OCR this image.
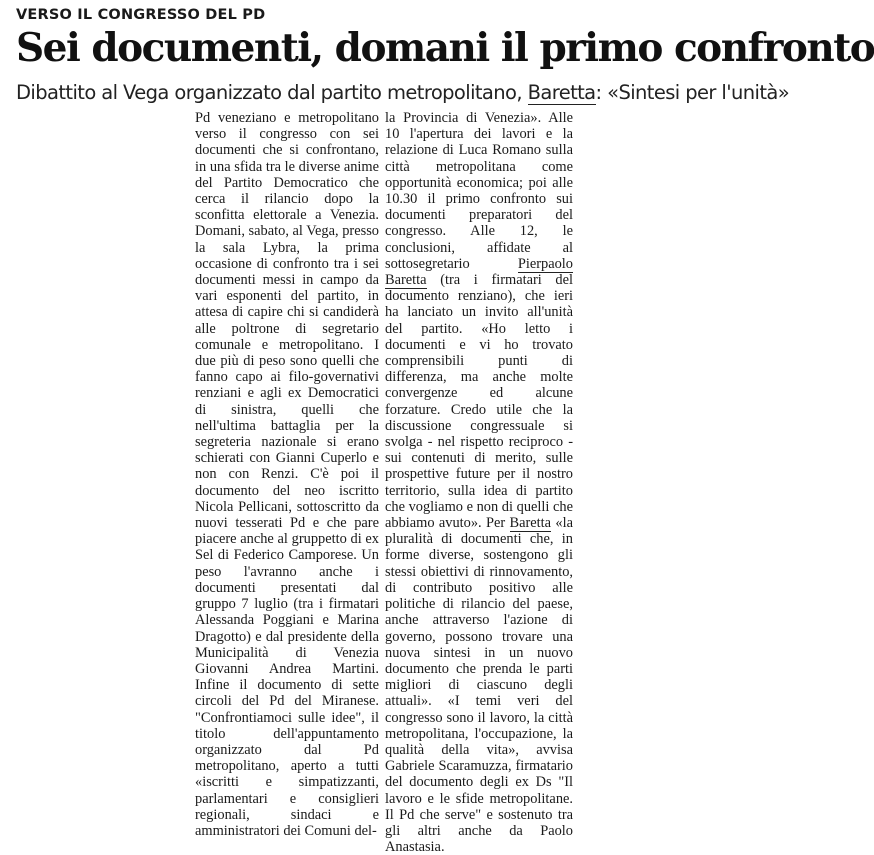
VERSO IL CONGRESSO DEL PD
Sei documenti, domani il primo confronto
Dibattito al Vega organizzato dal partito metropolitano, Baretta: «Sintesi per l'unità»

Pd veneziano e metropolitano verso il congresso con sei documenti che si confrontano, in una sfida tra le diverse anime del Partito Democratico che cerca il rilancio dopo la sconfitta elettorale a Venezia. Domani, sabato, al Vega, presso la sala Lybra, la prima occasione di confronto tra i sei documenti messi in campo da vari esponenti del partito, in attesa di capire chi si candiderà alle poltrone di segretario comunale e metropolitano. I due più di peso sono quelli che fanno capo ai filo-governativi renziani e agli ex Democratici di sinistra, quelli che nell'ultima battaglia per la segreteria nazionale si erano schierati con Gianni Cuperlo e non con Renzi. C'è poi il documento del neo iscritto Nicola Pellicani, sottoscritto da nuovi tesserati Pd e che pare piacere anche al gruppetto di ex Sel di Federico Camporese. Un peso l'avranno anche i documenti presentati dal gruppo 7 luglio (tra i firmatari Alessanda Poggiani e Marina Dragotto) e dal presidente della Municipalità di Venezia Giovanni Andrea Martini. Infine il documento di sette circoli del Pd del Miranese. "Confrontiamoci sulle idee", il titolo dell'appuntamento organizzato dal Pd metropolitano, aperto a tutti «iscritti e simpatizzanti, parlamentari e consiglieri regionali, sindaci e amministratori dei Comuni del-

la Provincia di Venezia». Alle 10 l'apertura dei lavori e la relazione di Luca Romano sulla città metropolitana come opportunità economica; poi alle 10.30 il primo confronto sui documenti preparatori del congresso. Alle 12, le conclusioni, affidate al sottosegretario Pierpaolo Baretta (tra i firmatari del documento renziano), che ieri ha lanciato un invito all'unità del partito. «Ho letto i documenti e vi ho trovato comprensibili punti di differenza, ma anche molte convergenze ed alcune forzature. Credo utile che la discussione congressuale si svolga - nel rispetto reciproco - sui contenuti di merito, sulle prospettive future per il nostro territorio, sulla idea di partito che vogliamo e non di quelli che abbiamo avuto». Per Baretta «la pluralità di documenti che, in forme diverse, sostengono gli stessi obiettivi di rinnovamento, di contributo positivo alle politiche di rilancio del paese, anche attraverso l'azione di governo, possono trovare una nuova sintesi in un nuovo documento che prenda le parti migliori di ciascuno degli attuali». «I temi veri del congresso sono il lavoro, la città metropolitana, l'occupazione, la qualità della vita», avvisa Gabriele Scaramuzza, firmatario del documento degli ex Ds "Il lavoro e le sfide metropolitane. Il Pd che serve" e sostenuto tra gli altri anche da Paolo Anastasia.
